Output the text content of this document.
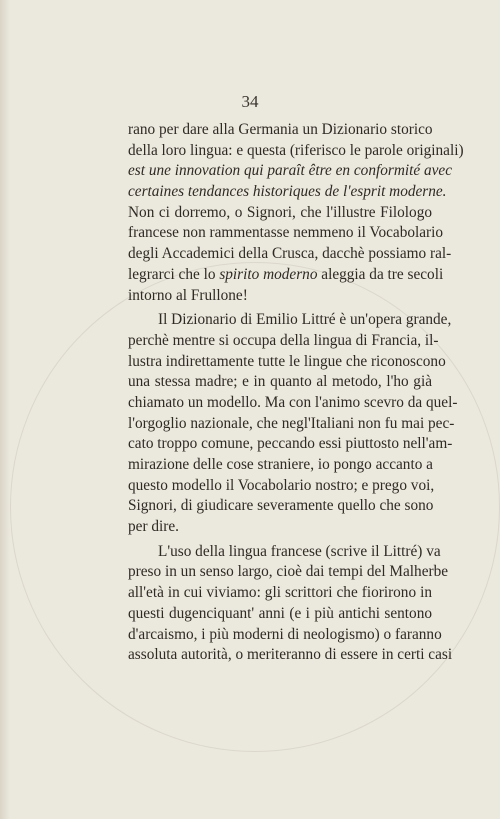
34
rano per dare alla Germania un Dizionario storico
della loro lingua: e questa (riferisco le parole originali)
est une innovation qui paraît être en conformité avec
certaines tendances historiques de l'esprit moderne.
Non ci dorremo, o Signori, che l'illustre Filologo
francese non rammentasse nemmeno il Vocabolario
degli Accademici della Crusca, dacchè possiamo ral-
legrarci che lo spirito moderno aleggia da tre secoli
intorno al Frullone!
Il Dizionario di Emilio Littré è un'opera grande,
perchè mentre si occupa della lingua di Francia, il-
lustra indirettamente tutte le lingue che riconoscono
una stessa madre; e in quanto al metodo, l'ho già
chiamato un modello. Ma con l'animo scevro da quel-
l'orgoglio nazionale, che negl'Italiani non fu mai pec-
cato troppo comune, peccando essi piuttosto nell'am-
mirazione delle cose straniere, io pongo accanto a
questo modello il Vocabolario nostro; e prego voi,
Signori, di giudicare severamente quello che sono
per dire.
L'uso della lingua francese (scrive il Littré) va
preso in un senso largo, cioè dai tempi del Malherbe
all'età in cui viviamo: gli scrittori che fiorirono in
questi dugenciquant' anni (e i più antichi sentono
d'arcaismo, i più moderni di neologismo) o faranno
assoluta autorità, o meriteranno di essere in certi casi
